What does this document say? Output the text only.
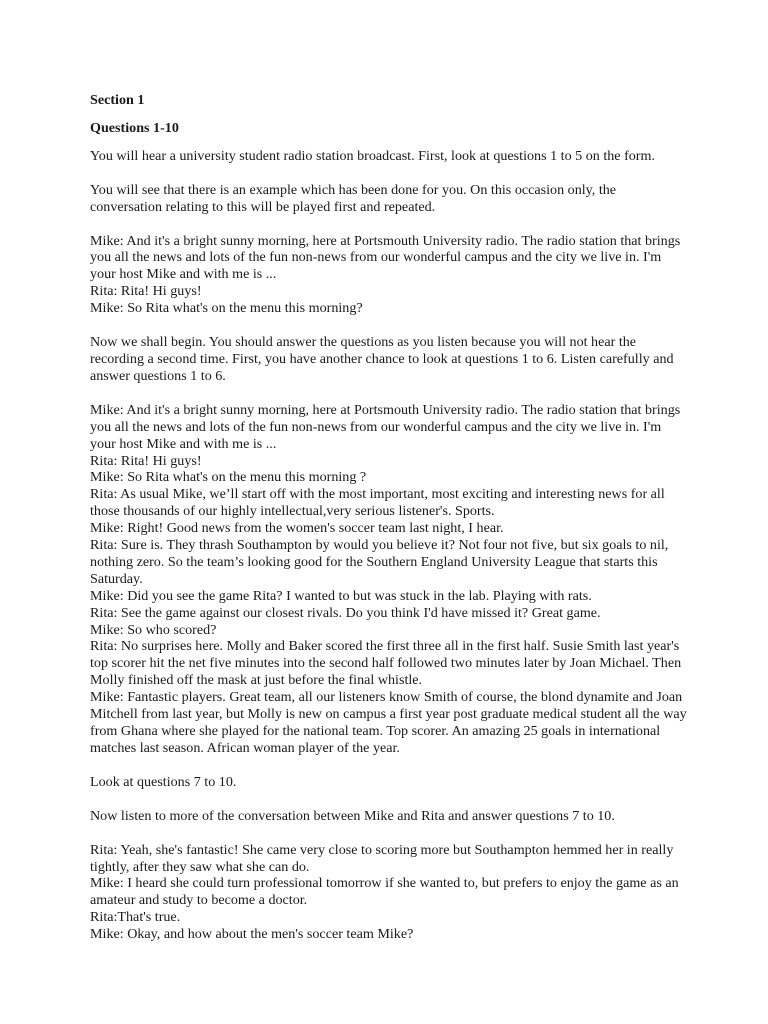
Section 1

Questions 1-10

You will hear a university student radio station broadcast. First, look at questions 1 to 5 on the form.
You will see that there is an example which has been done for you. On this occasion only, the
conversation relating to this will be played first and repeated.
Mike: And it's a bright sunny morning, here at Portsmouth University radio. The radio station that brings
you all the news and lots of the fun non-news from our wonderful campus and the city we live in. I'm
your host Mike and with me is ...
Rita: Rita! Hi guys!
Mike: So Rita what's on the menu this morning?
Now we shall begin. You should answer the questions as you listen because you will not hear the
recording a second time. First, you have another chance to look at questions 1 to 6. Listen carefully and
answer questions 1 to 6.
Mike: And it's a bright sunny morning, here at Portsmouth University radio. The radio station that brings
you all the news and lots of the fun non-news from our wonderful campus and the city we live in. I'm
your host Mike and with me is ...
Rita: Rita! Hi guys!
Mike: So Rita what's on the menu this morning ?
Rita: As usual Mike, we’ll start off with the most important, most exciting and interesting news for all
those thousands of our highly intellectual,very serious listener's. Sports.
Mike: Right! Good news from the women's soccer team last night, I hear.
Rita: Sure is. They thrash Southampton by would you believe it? Not four not five, but six goals to nil,
nothing zero. So the team’s looking good for the Southern England University League that starts this
Saturday.
Mike: Did you see the game Rita? I wanted to but was stuck in the lab. Playing with rats.
Rita: See the game against our closest rivals. Do you think I'd have missed it? Great game.
Mike: So who scored?
Rita: No surprises here. Molly and Baker scored the first three all in the first half. Susie Smith last year's
top scorer hit the net five minutes into the second half followed two minutes later by Joan Michael. Then
Molly finished off the mask at just before the final whistle.
Mike: Fantastic players. Great team, all our listeners know Smith of course, the blond dynamite and Joan
Mitchell from last year, but Molly is new on campus a first year post graduate medical student all the way
from Ghana where she played for the national team. Top scorer. An amazing 25 goals in international
matches last season. African woman player of the year.
Look at questions 7 to 10.
Now listen to more of the conversation between Mike and Rita and answer questions 7 to 10.
Rita: Yeah, she's fantastic! She came very close to scoring more but Southampton hemmed her in really
tightly, after they saw what she can do.
Mike: I heard she could turn professional tomorrow if she wanted to, but prefers to enjoy the game as an
amateur and study to become a doctor.
Rita:That's true.
Mike: Okay, and how about the men's soccer team Mike?
